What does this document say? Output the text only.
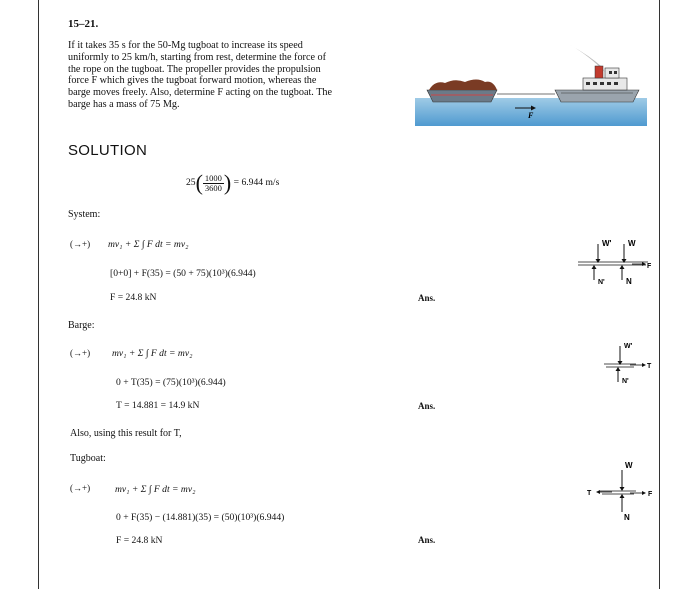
15–21.
If it takes 35 s for the 50-Mg tugboat to increase its speed uniformly to 25 km/h, starting from rest, determine the force of the rope on the tugboat. The propeller provides the propulsion force F which gives the tugboat forward motion, whereas the barge moves freely. Also, determine F acting on the tugboat. The barge has a mass of 75 Mg.
F
SOLUTION
$25( \frac{1000}{3600}$ ) = 6.944 m/s
System:
(→+) mv₁ + Σ ∫ F dt = mv₂
[0+0] + F(35) = (50 + 75)(10³)(6.944)
F = 24.8 kN	Ans.
W' W
N'	N
F
Barge:
(→+) mv₁ + Σ ∫ F dt = mv₂
0 + T(35) = (75)(10³)(6.944)
T = 14.881 = 14.9 kN	Ans.
W'
N'
T
Also, using this result for T,
Tugboat:
(→+)	mv₁ + Σ ∫ F dt = mv₂
0 + F(35) − (14.881)(35) = (50)(10³)(6.944)
F = 24.8 kN	Ans.
W
N
T	F
